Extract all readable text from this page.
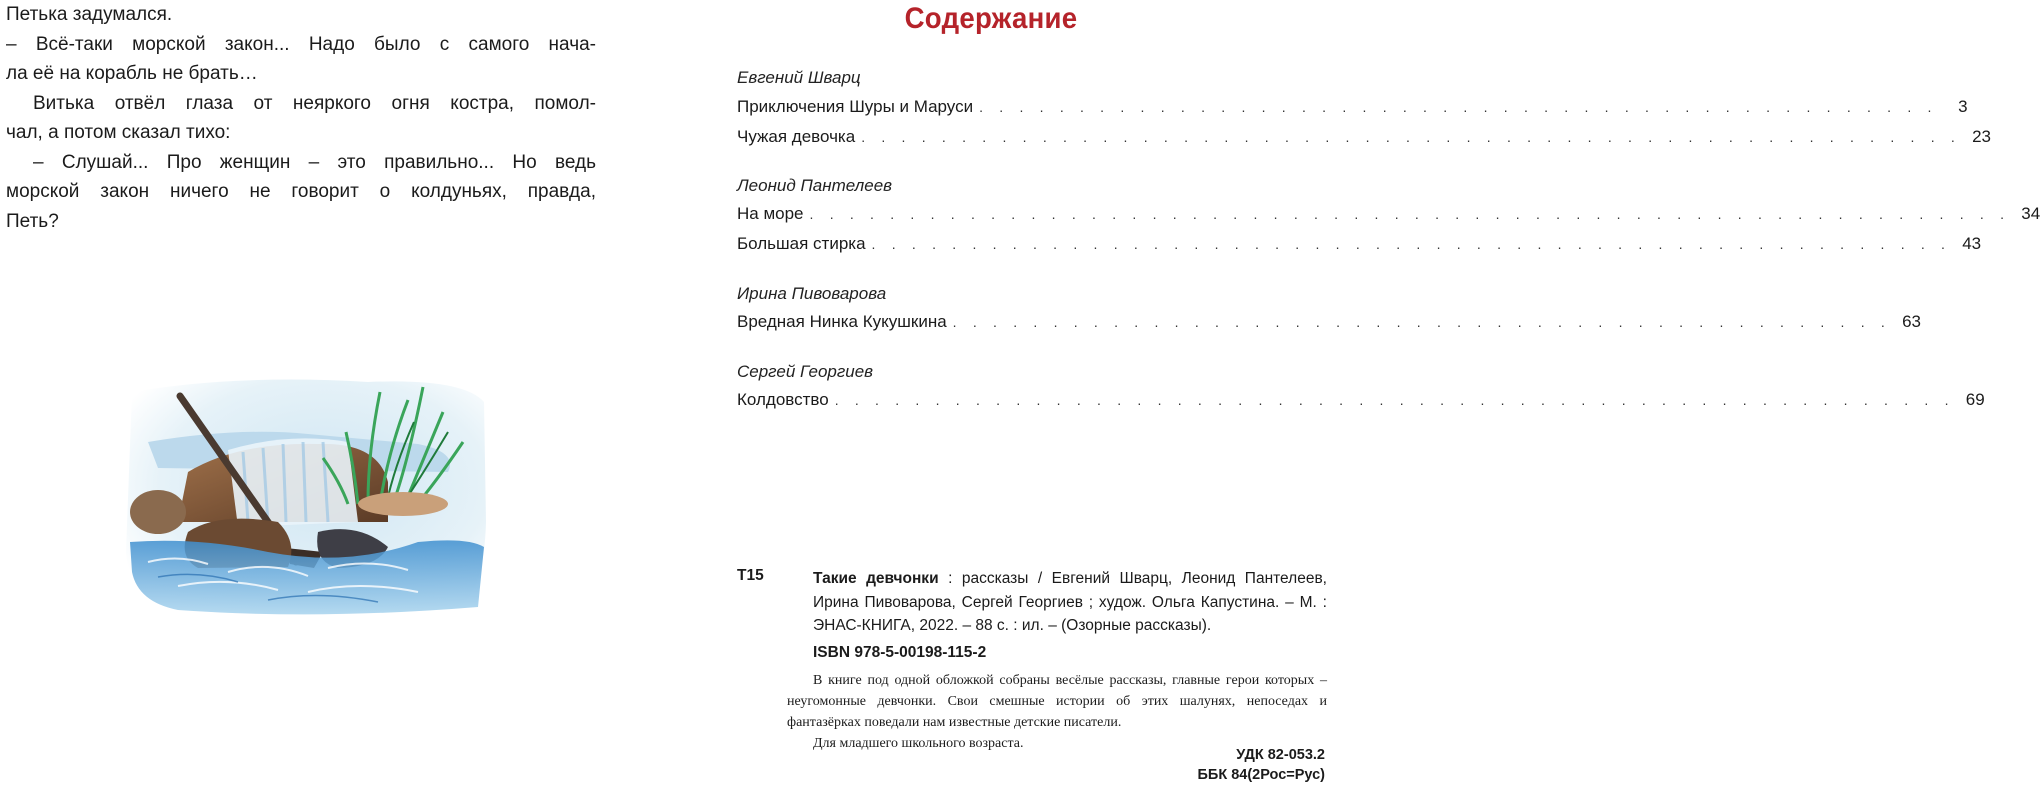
Петька задумался.

– Всё-таки морской закон... Надо было с самого нача-

ла её на корабль не брать…

Витька отвёл глаза от неяркого огня костра, помол-

чал, а потом сказал тихо:

– Слушай... Про женщин – это правильно... Но ведь

морской закон ничего не говорит о колдуньях, правда,

Петь?

Содержание
Евгений Шварц
Приключения Шуры и Маруси . . . . . . . . . . . . . . . . . . . . . . . . . . . . . . . . . . . . . . . . . . . . . . . .	3
Чужая девочка . . . . . . . . . . . . . . . . . . . . . . . . . . . . . . . . . . . . . . . . . . . . . . . . . . . . . . . 23
Леонид Пантелеев
На море . . . . . . . . . . . . . . . . . . . . . . . . . . . . . . . . . . . . . . . . . . . . . . . . . . . . . . . . . . . . 34
Большая стирка . . . . . . . . . . . . . . . . . . . . . . . . . . . . . . . . . . . . . . . . . . . . . . . . . . . . . . 43
Ирина Пивоварова
Вредная Нинка Кукушкина . . . . . . . . . . . . . . . . . . . . . . . . . . . . . . . . . . . . . . . . . . . . . . . 63
Сергей Георгиев
Колдовство . . . . . . . . . . . . . . . . . . . . . . . . . . . . . . . . . . . . . . . . . . . . . . . . . . . . . . . . 69
Т15	Такие девчонки : рассказы / Евгений Шварц, Леонид Пантелеев, Ирина Пивоварова, Сергей Георгиев ; худож. Ольга Капустина. – М. : ЭНАС-КНИГА, 2022. – 88 с. : ил. – (Озорные рассказы).
ISBN 978-5-00198-115-2
В книге под одной обложкой собраны весёлые рассказы, главные герои которых – неугомонные девчонки. Свои смешные истории об этих шалунях, непоседах и фантазёрках поведали нам известные детские писатели.
Для младшего школьного возраста.
УДК 82-053.2
ББК 84(2Рос=Рус)
